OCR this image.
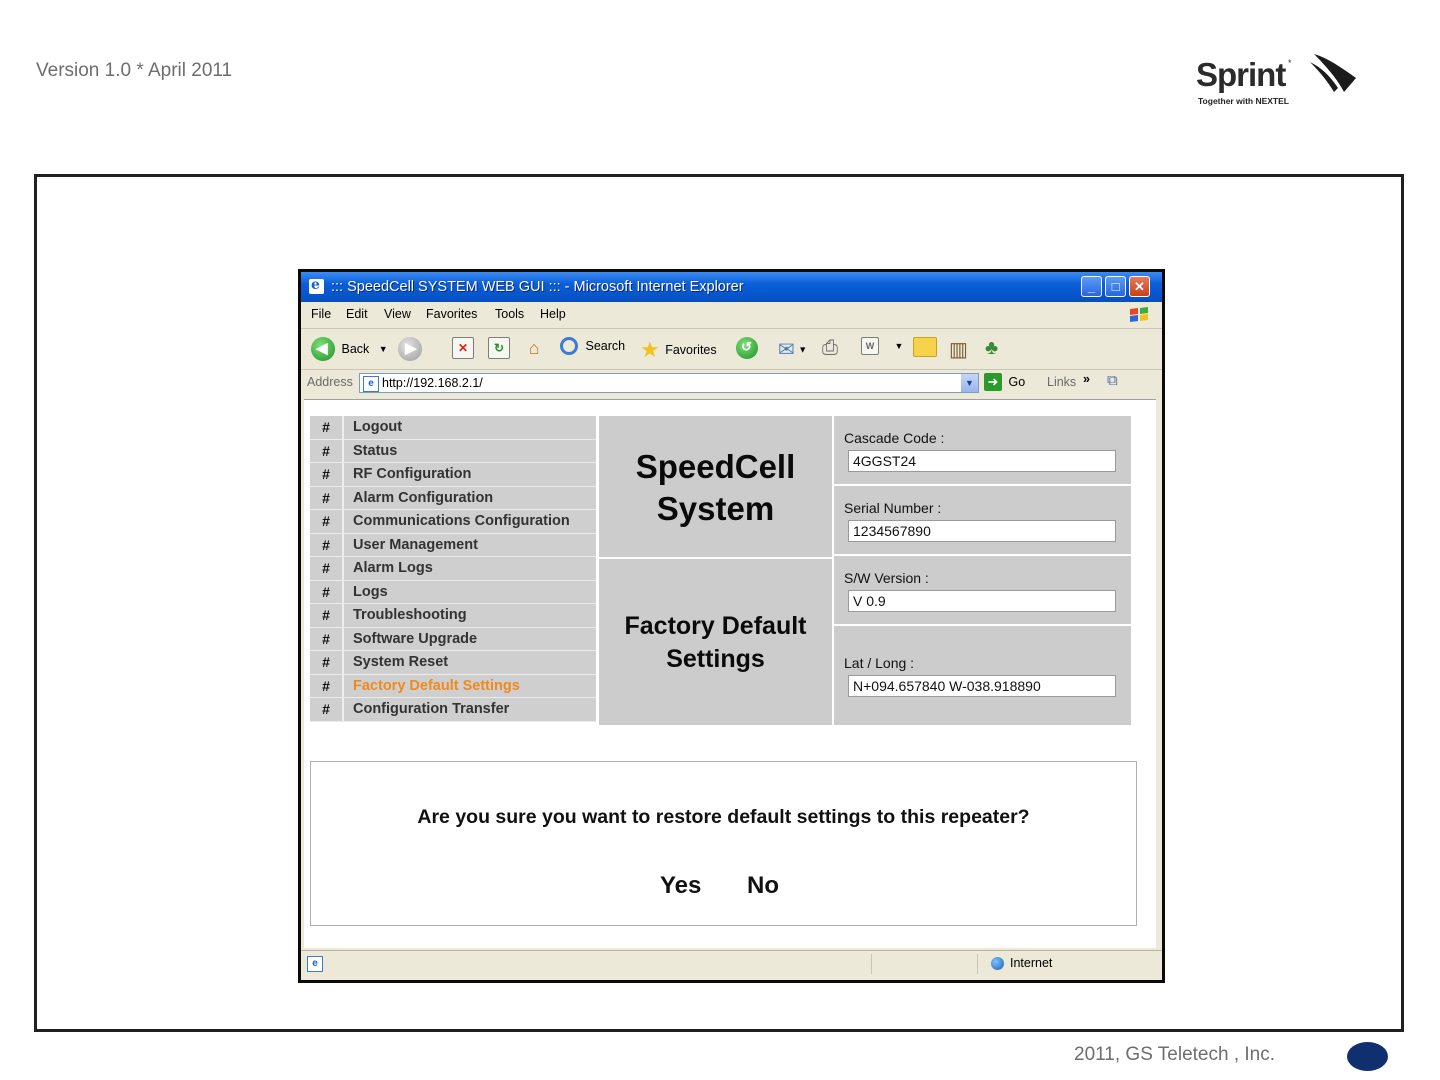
Version 1.0 * April 2011	Sprint *
Together with NEXTEL
e ::: SpeedCell SYSTEM WEB GUI ::: - Microsoft Internet Explorer	_	□	✕
File Edit View Favorites Tools Help
◀ Back ▼ ▶	✕	↻	⌂	Search ★ Favorites ↺ ✉ ▼ ⎙	W ▼ ▥ ♣
Address	e http://192.168.2.1/	▼	➜ Go Links » ⧉
#	Logout
#	Status
#	RF Configuration
#	Alarm Configuration
#	Communications Configuration
#	User Management
#	Alarm Logs
#	Logs
#	Troubleshooting
#	Software Upgrade
#	System Reset
#	Factory Default Settings
#	Configuration Transfer
SpeedCell
System
Factory Default
Settings
Cascade Code :
4GGST24
Serial Number :
1234567890
S/W Version :
V 0.9
Lat / Long :
N+094.657840 W-038.918890
Are you sure you want to restore default settings to this repeater?
Yes No
e	Internet
2011, GS Teletech , Inc.
